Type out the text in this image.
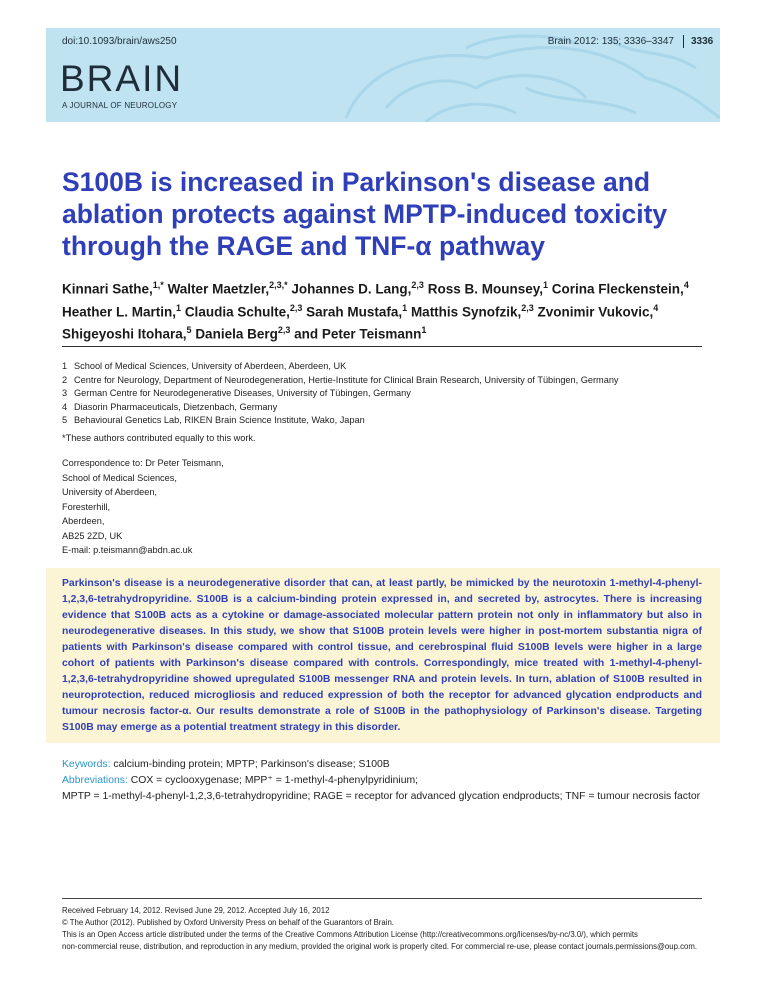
doi:10.1093/brain/aws250	Brain 2012: 135; 3336–3347 3336
BRAIN
A JOURNAL OF NEUROLOGY
S100B is increased in Parkinson's disease and ablation protects against MPTP-induced toxicity through the RAGE and TNF-α pathway
Kinnari Sathe,$^{1,*}$ Walter Maetzler,$^{2,3,*}$ Johannes D. Lang,$^{2,3}$ Ross B. Mounsey,$^1$ Corina Fleckenstein,$^4$ Heather L. Martin,$^1$ Claudia Schulte,$^{2,3}$ Sarah Mustafa,$^1$ Matthis Synofzik,$^{2,3}$ Zvonimir Vukovic,$^4$ Shigeyoshi Itohara,$^5$ Daniela Berg$^{2,3}$ and Peter Teismann$^1$
1 School of Medical Sciences, University of Aberdeen, Aberdeen, UK
2 Centre for Neurology, Department of Neurodegeneration, Hertie-Institute for Clinical Brain Research, University of Tübingen, Germany
3 German Centre for Neurodegenerative Diseases, University of Tübingen, Germany
4 Diasorin Pharmaceuticals, Dietzenbach, Germany
5 Behavioural Genetics Lab, RIKEN Brain Science Institute, Wako, Japan
*These authors contributed equally to this work.
Correspondence to: Dr Peter Teismann,
School of Medical Sciences,
University of Aberdeen,
Foresterhill,
Aberdeen,
AB25 2ZD, UK
E-mail: p.teismann@abdn.ac.uk
Parkinson's disease is a neurodegenerative disorder that can, at least partly, be mimicked by the neurotoxin 1-methyl-4-phenyl-1,2,3,6-tetrahydropyridine. S100B is a calcium-binding protein expressed in, and secreted by, astrocytes. There is increasing evidence that S100B acts as a cytokine or damage-associated molecular pattern protein not only in inflammatory but also in neurodegenerative diseases. In this study, we show that S100B protein levels were higher in post-mortem substantia nigra of patients with Parkinson's disease compared with control tissue, and cerebrospinal fluid S100B levels were higher in a large cohort of patients with Parkinson's disease compared with controls. Correspondingly, mice treated with 1-methyl-4-phenyl-1,2,3,6-tetrahydropyridine showed upregulated S100B messenger RNA and protein levels. In turn, ablation of S100B resulted in neuroprotection, reduced microgliosis and reduced expression of both the receptor for advanced glycation endproducts and tumour necrosis factor-α. Our results demonstrate a role of S100B in the pathophysiology of Parkinson's disease. Targeting S100B may emerge as a potential treatment strategy in this disorder.
Keywords: calcium-binding protein; MPTP; Parkinson's disease; S100B
Abbreviations: COX = cyclooxygenase; MPP⁺ = 1-methyl-4-phenylpyridinium;
MPTP = 1-methyl-4-phenyl-1,2,3,6-tetrahydropyridine; RAGE = receptor for advanced glycation endproducts; TNF = tumour necrosis factor
Received February 14, 2012. Revised June 29, 2012. Accepted July 16, 2012
© The Author (2012). Published by Oxford University Press on behalf of the Guarantors of Brain.
This is an Open Access article distributed under the terms of the Creative Commons Attribution License (http://creativecommons.org/licenses/by-nc/3.0/), which permits
non-commercial reuse, distribution, and reproduction in any medium, provided the original work is properly cited. For commercial re-use, please contact journals.permissions@oup.com.
